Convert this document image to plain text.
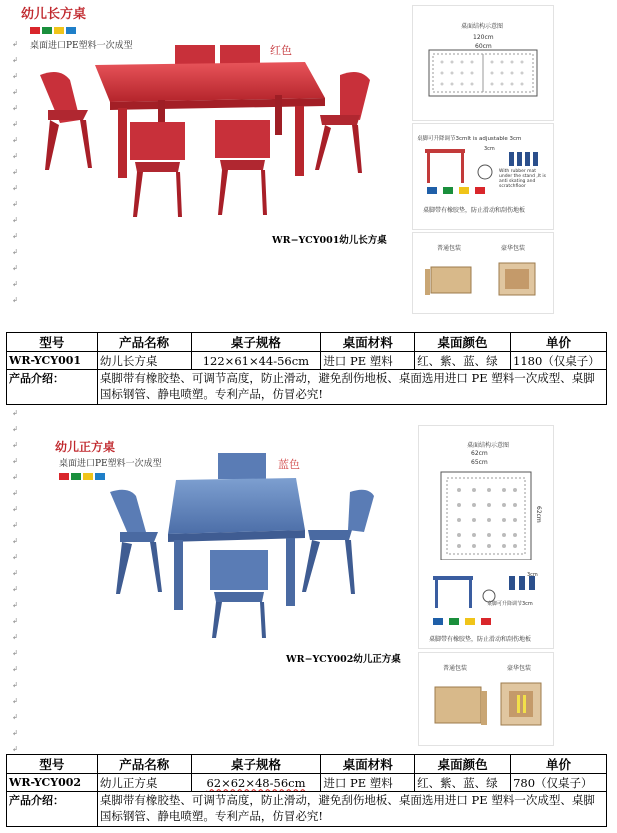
幼儿长方桌
桌面进口PE塑料一次成型	红色
WR−YCY001幼儿长方桌
桌面结构示意图
120cm
60cm
桌脚可升降调节3cmIt is adjustable 3cm
3cm
With rubber mat under the stand ,It is anti skating and scratchfloor
桌脚带有橡胶垫，防止滑动和刮伤地板
普通包装	豪华包装
↲
↲
↲
↲
↲
↲
↲
↲
↲
↲
↲
↲
↲
↲
↲
↲
↲
型号	产品名称	桌子规格	桌面材料	桌面颜色	单价
WR-YCY001	幼儿长方桌	122×61×44-56cm	进口 PE 塑料	红、紫、蓝、绿	1180（仅桌子）
产品介绍：	桌脚带有橡胶垫、可调节高度，防止滑动，避免刮伤地板、桌面选用进口 PE 塑料一次成型、桌脚国标钢管、静电喷塑。专利产品，仿冒必究!				
↲
↲
幼儿正方桌
桌面进口PE塑料一次成型	蓝色
WR−YCY002幼儿正方桌
桌面结构示意图
62cm
65cm
62cm
3cm
桌脚可升降调节3cm
桌脚带有橡胶垫，防止滑动和刮伤地板
普通包装	豪华包装
↲
↲
↲
↲
↲
↲
↲
↲
↲
↲
↲
↲
↲
↲
↲
↲
↲
↲
↲
↲
型号	产品名称	桌子规格	桌面材料	桌面颜色	单价
WR-YCY002	幼儿正方桌	62×62×48-56cm	进口 PE 塑料	红、紫、蓝、绿	780（仅桌子）
产品介绍：	桌脚带有橡胶垫、可调节高度，防止滑动，避免刮伤地板、桌面选用进口 PE 塑料一次成型、桌脚国标钢管、静电喷塑。专利产品，仿冒必究!				
